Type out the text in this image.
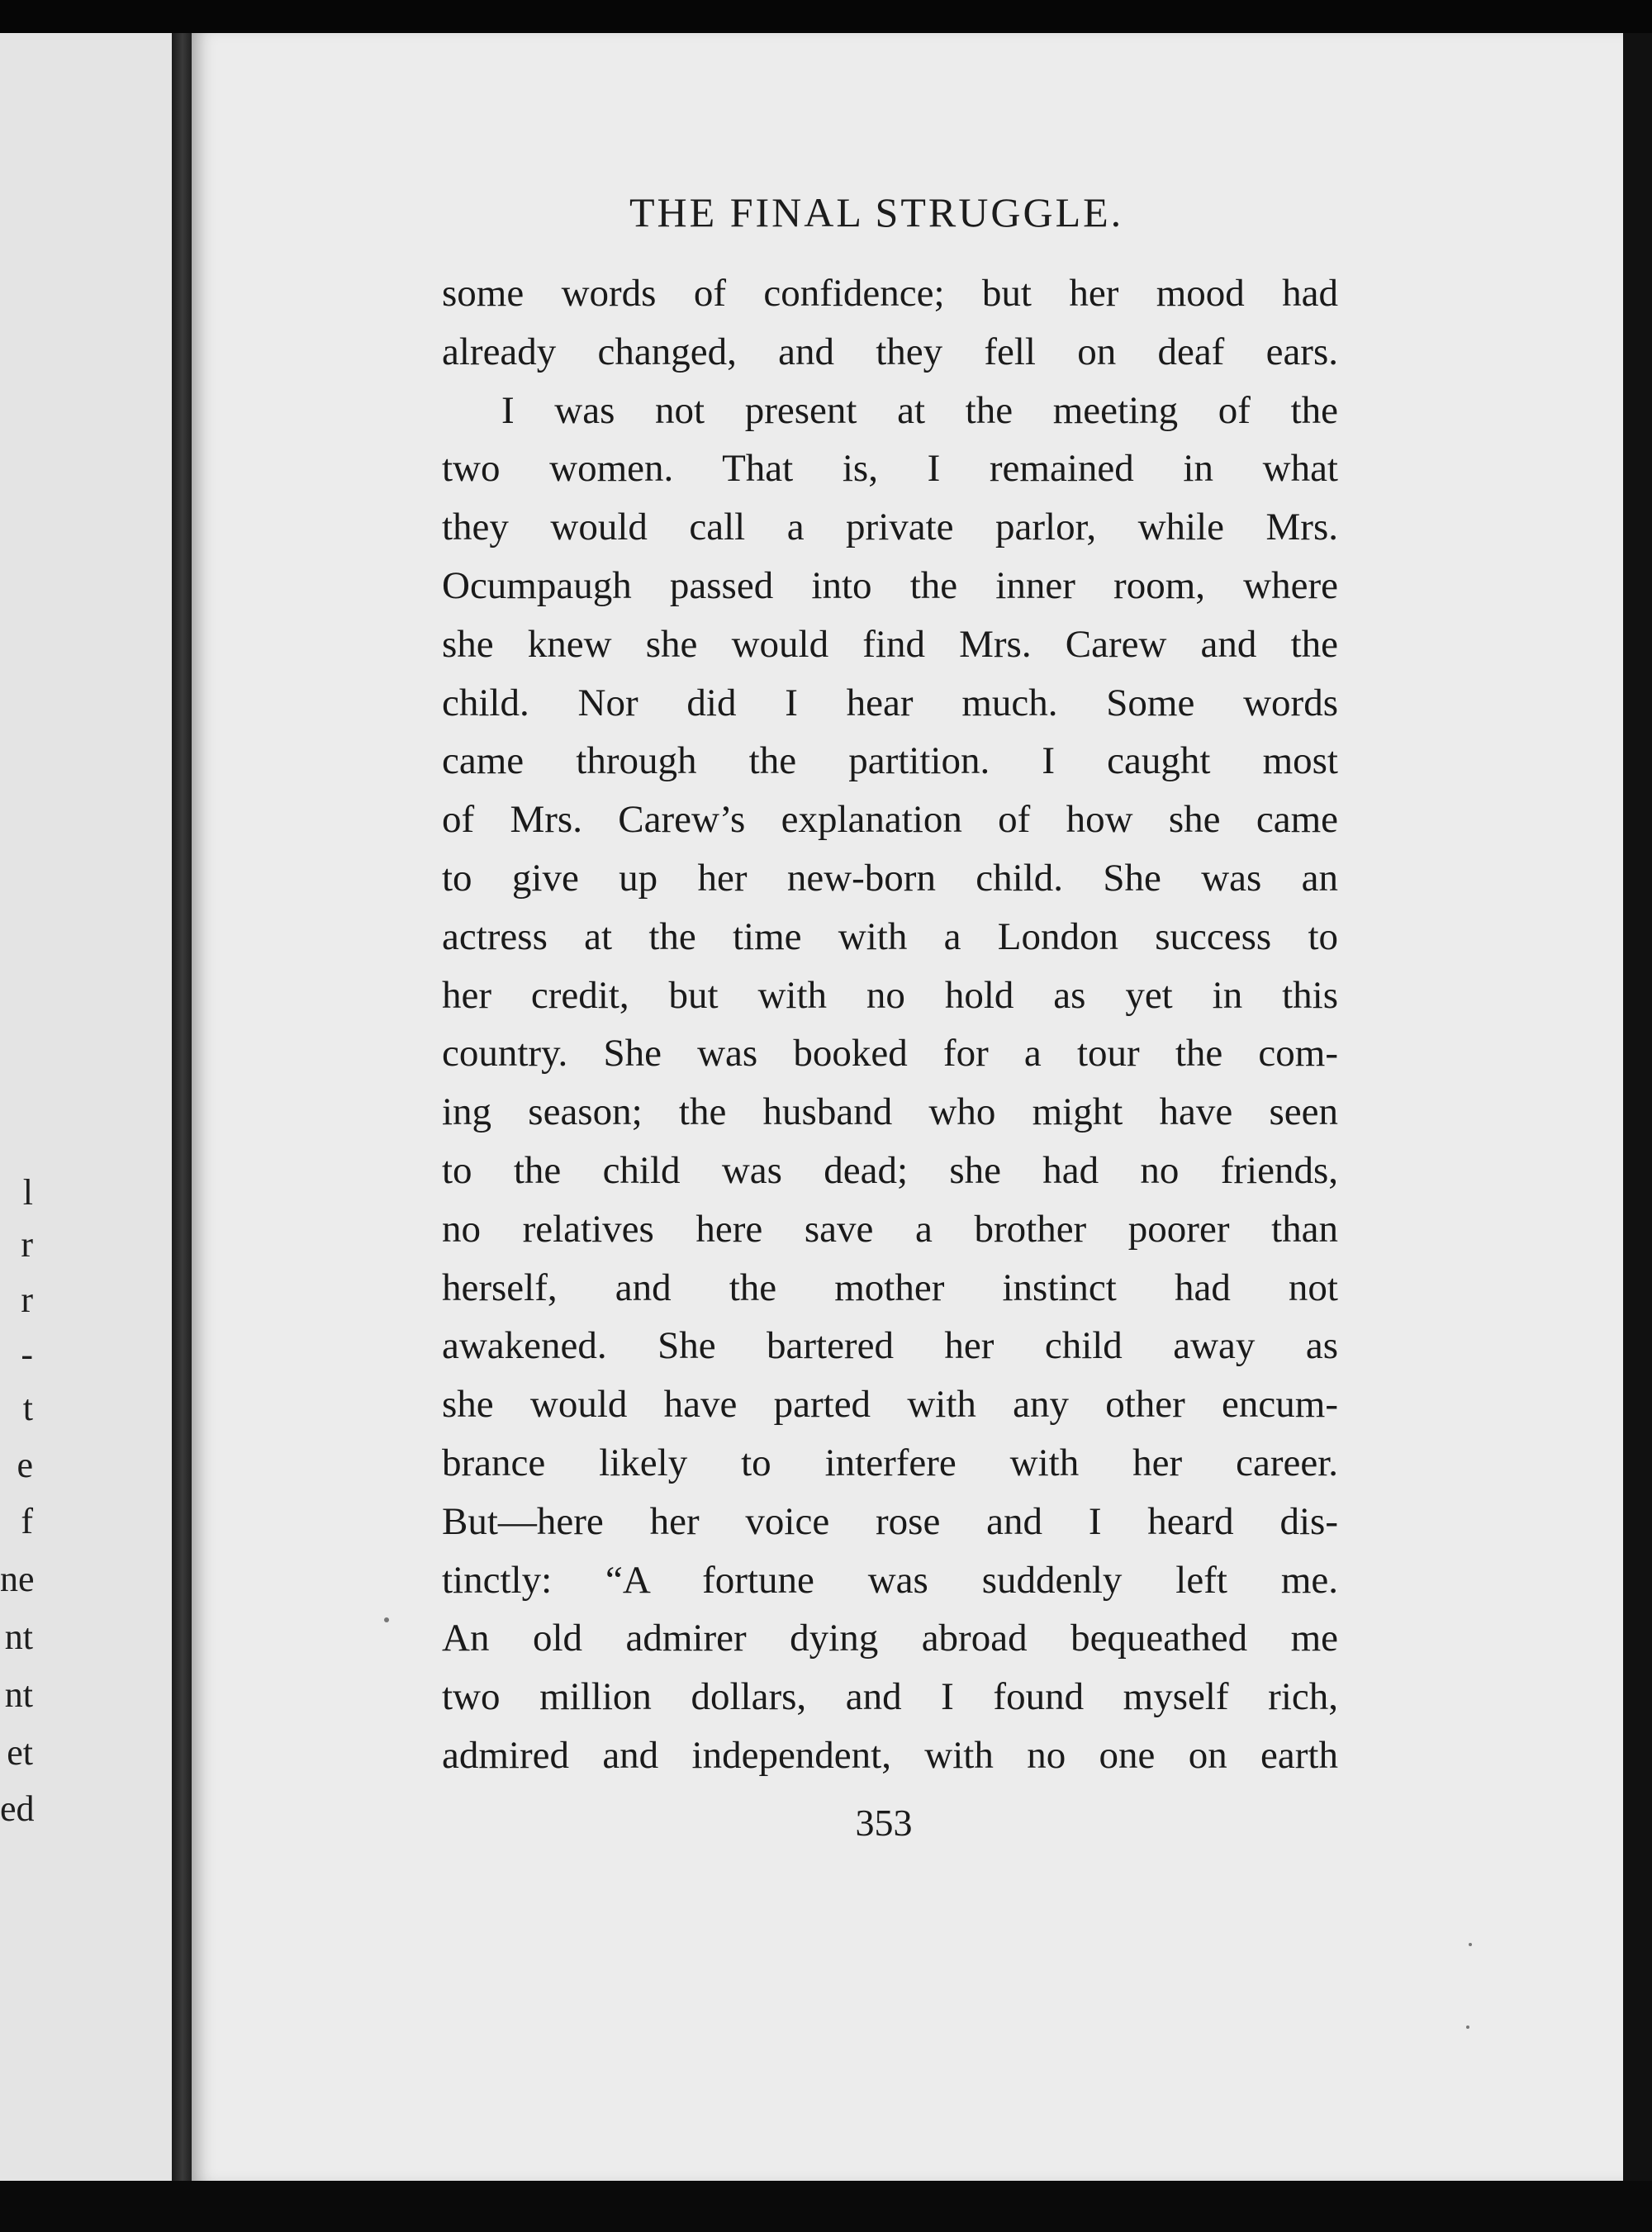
l
r
r
-
t
e
f
ne
nt
nt
et
ed
THE FINAL STRUGGLE.
some words of confidence; but her mood had
already changed, and they fell on deaf ears.
I was not present at the meeting of the
two women. That is, I remained in what
they would call a private parlor, while Mrs.
Ocumpaugh passed into the inner room, where
she knew she would find Mrs. Carew and the
child. Nor did I hear much. Some words
came through the partition. I caught most
of Mrs. Carew’s explanation of how she came
to give up her new-born child. She was an
actress at the time with a London success to
her credit, but with no hold as yet in this
country. She was booked for a tour the com-
ing season; the husband who might have seen
to the child was dead; she had no friends,
no relatives here save a brother poorer than
herself, and the mother instinct had not
awakened. She bartered her child away as
she would have parted with any other encum-
brance likely to interfere with her career.
But—here her voice rose and I heard dis-
tinctly: “A fortune was suddenly left me.
An old admirer dying abroad bequeathed me
two million dollars, and I found myself rich,
admired and independent, with no one on earth
353
